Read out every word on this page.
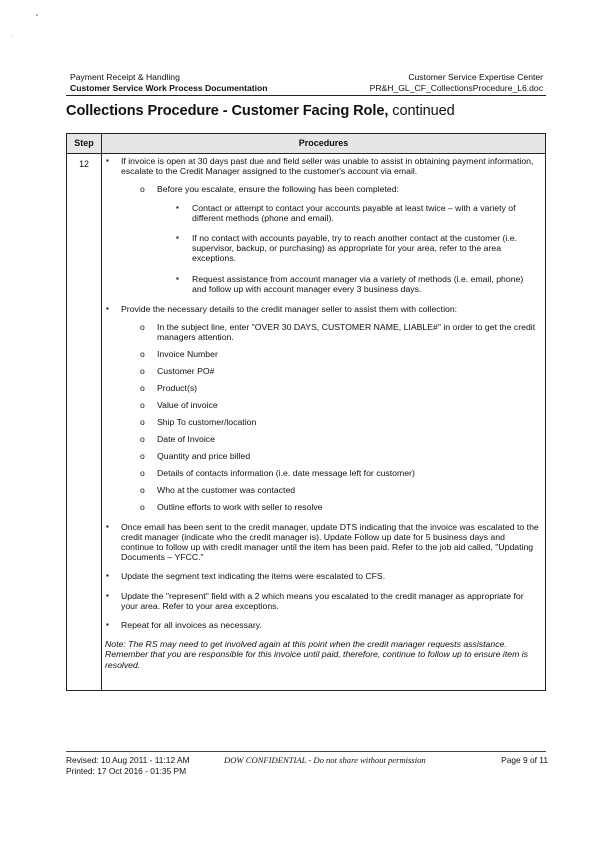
Payment Receipt & Handling
Customer Service Work Process Documentation
Customer Service Expertise Center
PR&H_GL_CF_CollectionsProcedure_L6.doc
Collections Procedure - Customer Facing Role, continued
Step	Procedures
12	▪ If invoice is open at 30 days past due and field seller was unable to assist in obtaining payment information, escalate to the Credit Manager assigned to the customer's account via email.
o Before you escalate, ensure the following has been completed:
▪ Contact or attempt to contact your accounts payable at least twice – with a variety of different methods (phone and email).
▪ If no contact with accounts payable, try to reach another contact at the customer (i.e. supervisor, backup, or purchasing) as appropriate for your area, refer to the area exceptions.
▪ Request assistance from account manager via a variety of methods (i.e. email, phone) and follow up with account manager every 3 business days.
▪ Provide the necessary details to the credit manager seller to assist them with collection:
o In the subject line, enter "OVER 30 DAYS, CUSTOMER NAME, LIABLE#" in order to get the credit managers attention.
o Invoice Number
o Customer PO#
o Product(s)
o Value of invoice
o Ship To customer/location
o Date of Invoice
o Quantity and price billed
o Details of contacts information (i.e. date message left for customer)
o Who at the customer was contacted
o Outline efforts to work with seller to resolve
▪ Once email has been sent to the credit manager, update DTS indicating that the invoice was escalated to the credit manager (indicate who the credit manager is). Update Follow up date for 5 business days and continue to follow up with credit manager until the item has been paid. Refer to the job aid called, "Updating Documents – YFCC."
▪ Update the segment text indicating the items were escalated to CFS.
▪ Update the "represent" field with a 2 which means you escalated to the credit manager as appropriate for your area. Refer to your area exceptions.
▪ Repeat for all invoices as necessary.
Note: The RS may need to get involved again at this point when the credit manager requests assistance. Remember that you are responsible for this invoice until paid, therefore, continue to follow up to ensure item is resolved.
Revised: 10 Aug 2011 - 11:12 AM
Printed: 17 Oct 2016 - 01:35 PM
DOW CONFIDENTIAL - Do not share without permission	Page 9 of 11
